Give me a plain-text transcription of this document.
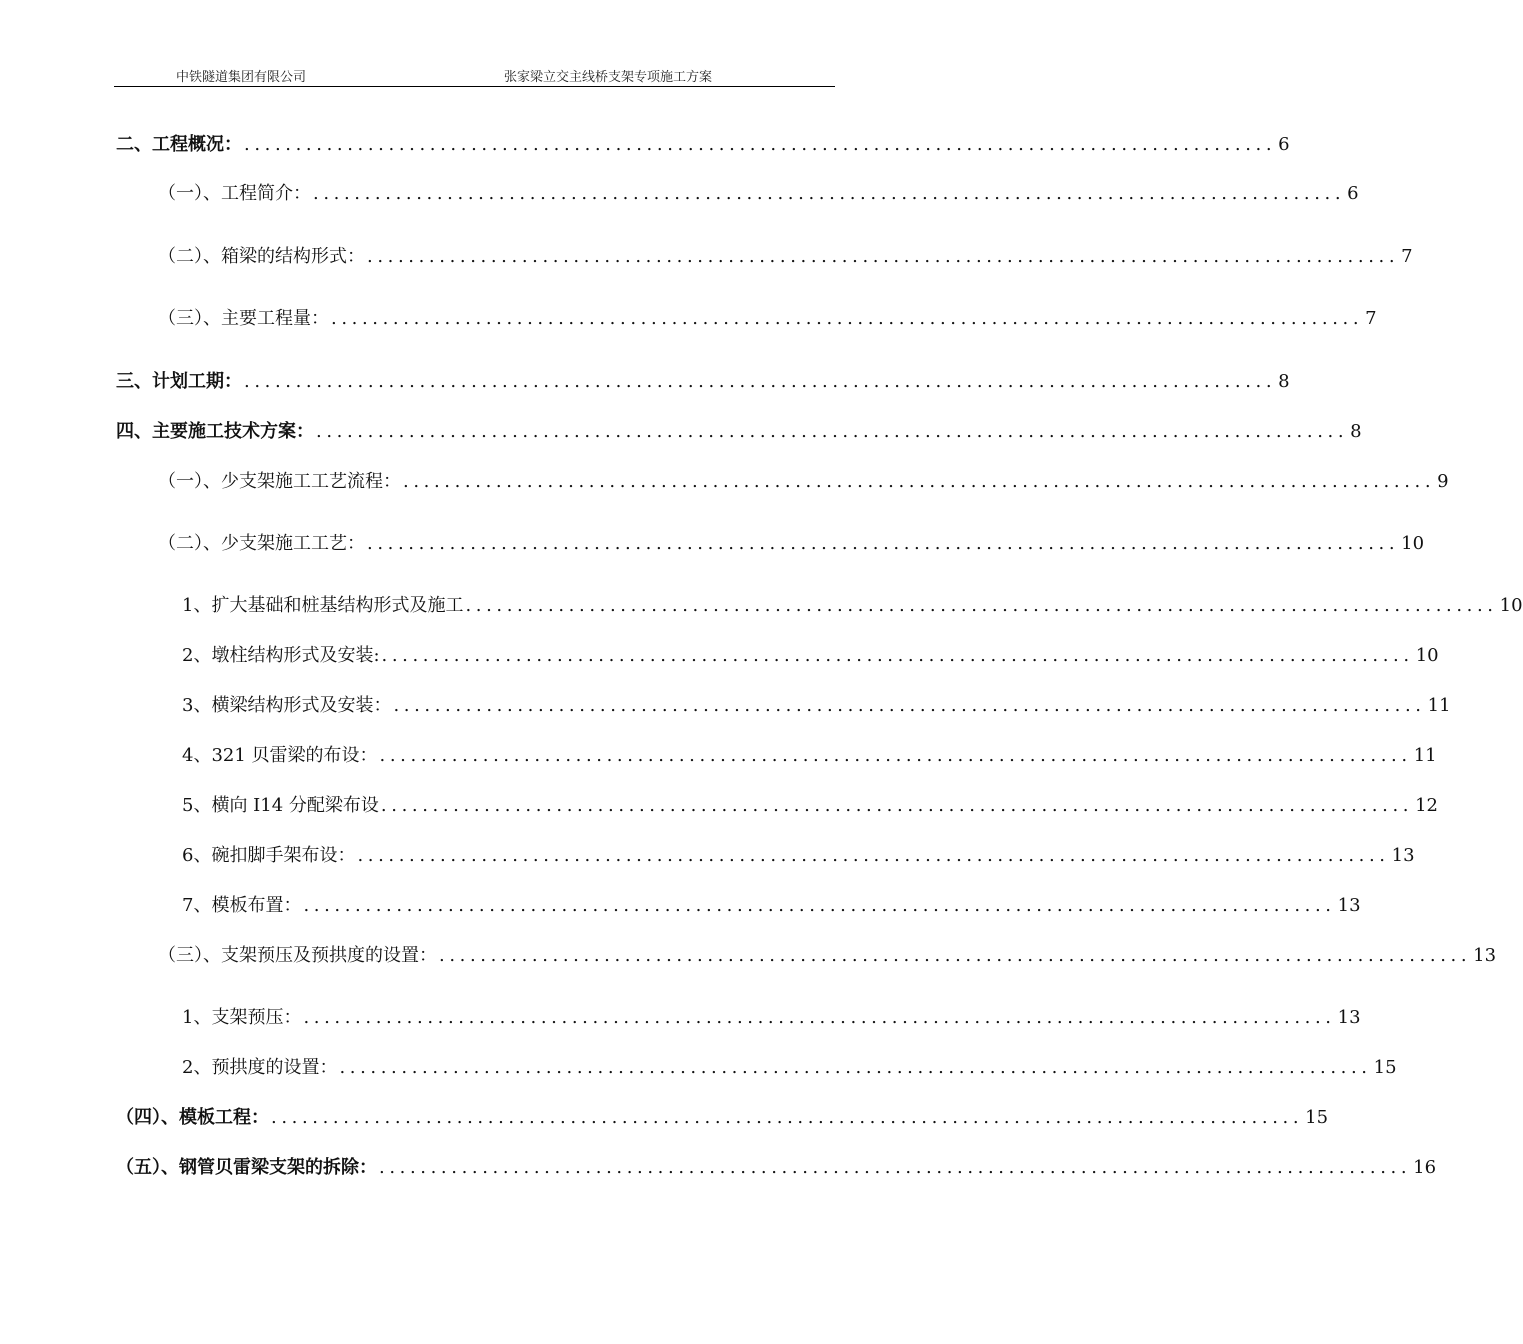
中铁隧道集团有限公司	张家梁立交主线桥支架专项施工方案
二、工程概况： .................................................................................................... 6
（一）、工程简介： .................................................................................................... 6
（二）、箱梁的结构形式： .................................................................................................... 7
（三）、主要工程量： .................................................................................................... 7
三、计划工期： .................................................................................................... 8
四、主要施工技术方案： .................................................................................................... 8
（一）、少支架施工工艺流程： .................................................................................................... 9
（二）、少支架施工工艺： .................................................................................................... 10
1、扩大基础和桩基结构形式及施工 .................................................................................................... 10
2、墩柱结构形式及安装: .................................................................................................... 10
3、横梁结构形式及安装： .................................................................................................... 11
4、321 贝雷梁的布设： .................................................................................................... 11
5、横向 I14 分配梁布设 .................................................................................................... 12
6、碗扣脚手架布设： .................................................................................................... 13
7、模板布置： .................................................................................................... 13
（三）、支架预压及预拱度的设置： .................................................................................................... 13
1、支架预压： .................................................................................................... 13
2、预拱度的设置： .................................................................................................... 15
（四）、模板工程： .................................................................................................... 15
（五）、钢管贝雷梁支架的拆除： .................................................................................................... 16
